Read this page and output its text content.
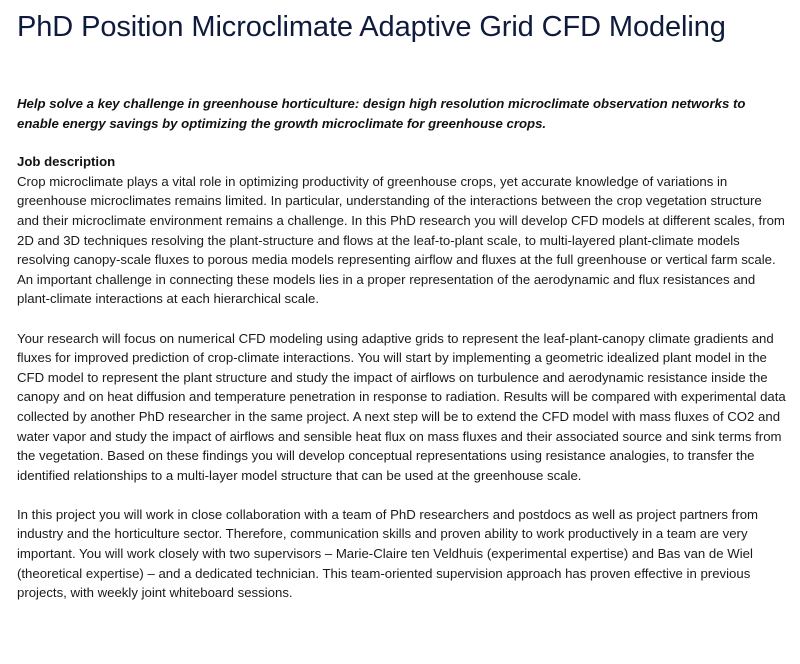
PhD Position Microclimate Adaptive Grid CFD Modeling

Help solve a key challenge in greenhouse horticulture: design high resolution microclimate observation networks to enable energy savings by optimizing the growth microclimate for greenhouse crops.

Job description

Crop microclimate plays a vital role in optimizing productivity of greenhouse crops, yet accurate knowledge of variations in greenhouse microclimates remains limited. In particular, understanding of the interactions between the crop vegetation structure and their microclimate environment remains a challenge. In this PhD research you will develop CFD models at different scales, from 2D and 3D techniques resolving the plant-structure and flows at the leaf-to-plant scale, to multi-layered plant-climate models resolving canopy-scale fluxes to porous media models representing airflow and fluxes at the full greenhouse or vertical farm scale. An important challenge in connecting these models lies in a proper representation of the aerodynamic and flux resistances and plant-climate interactions at each hierarchical scale.

Your research will focus on numerical CFD modeling using adaptive grids to represent the leaf-plant-canopy climate gradients and fluxes for improved prediction of crop-climate interactions. You will start by implementing a geometric idealized plant model in the CFD model to represent the plant structure and study the impact of airflows on turbulence and aerodynamic resistance inside the canopy and on heat diffusion and temperature penetration in response to radiation. Results will be compared with experimental data collected by another PhD researcher in the same project. A next step will be to extend the CFD model with mass fluxes of CO2 and water vapor and study the impact of airflows and sensible heat flux on mass fluxes and their associated source and sink terms from the vegetation. Based on these findings you will develop conceptual representations using resistance analogies, to transfer the identified relationships to a multi-layer model structure that can be used at the greenhouse scale.

In this project you will work in close collaboration with a team of PhD researchers and postdocs as well as project partners from industry and the horticulture sector. Therefore, communication skills and proven ability to work productively in a team are very important. You will work closely with two supervisors – Marie-Claire ten Veldhuis (experimental expertise) and Bas van de Wiel (theoretical expertise) – and a dedicated technician. This team-oriented supervision approach has proven effective in previous projects, with weekly joint whiteboard sessions.
